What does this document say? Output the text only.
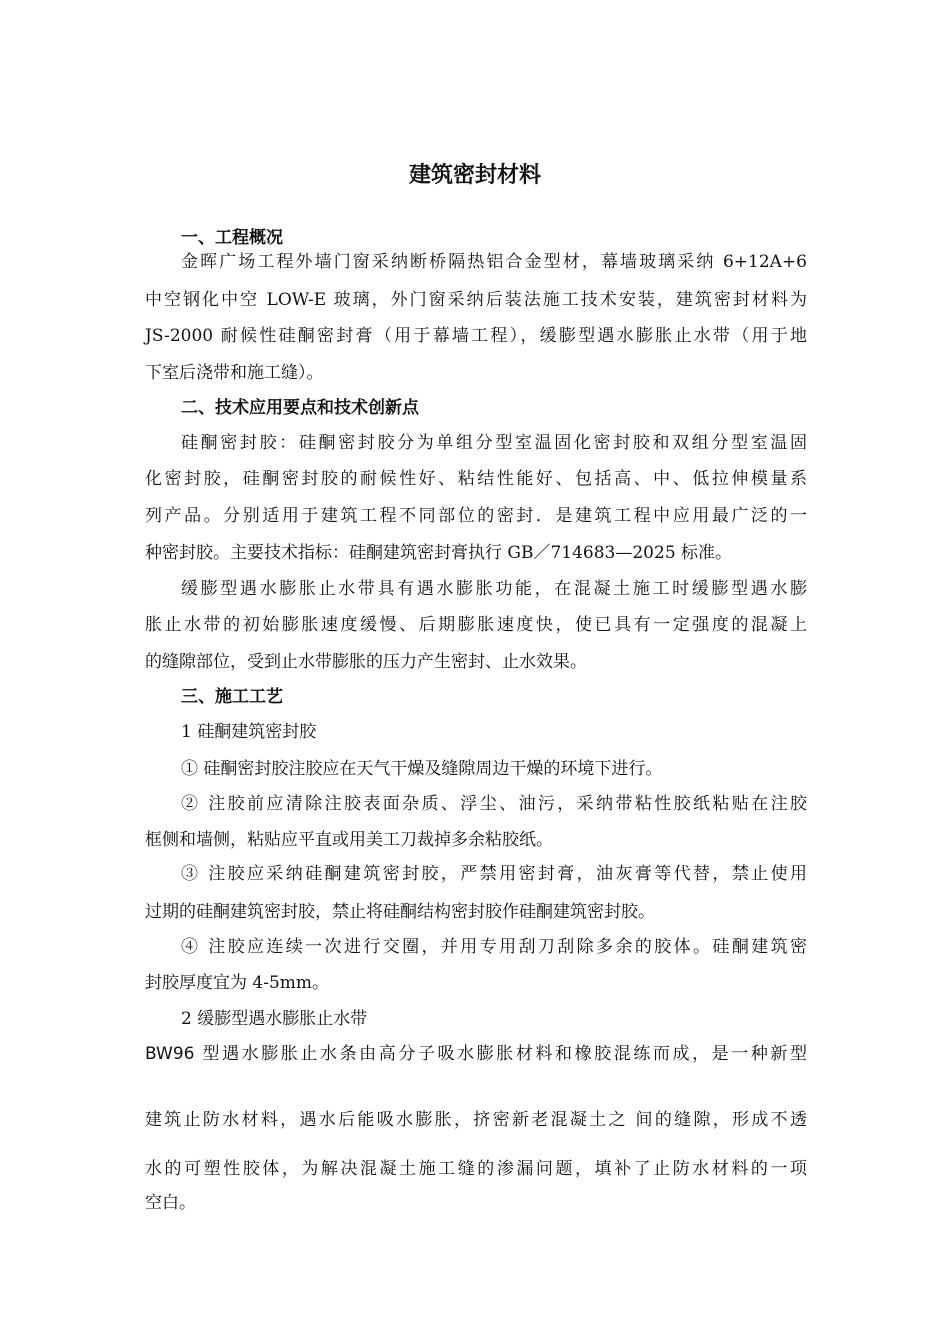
建筑密封材料
一、工程概况
金晖广场工程外墙门窗采纳断桥隔热铝合金型材，幕墙玻璃采纳 6+12A+6
中空钢化中空 LOW-E 玻璃，外门窗采纳后装法施工技术安装，建筑密封材料为
JS-2000 耐候性硅酮密封膏（用于幕墙工程），缓膨型遇水膨胀止水带（用于地
下室后浇带和施工缝）。
二、技术应用要点和技术创新点
硅酮密封胶：硅酮密封胶分为单组分型室温固化密封胶和双组分型室温固
化密封胶，硅酮密封胶的耐候性好、粘结性能好、包括高、中、低拉伸模量系
列产品。分别适用于建筑工程不同部位的密封．是建筑工程中应用最广泛的一
种密封胶。主要技术指标：硅酮建筑密封膏执行 GB／714683—2025 标准。
缓膨型遇水膨胀止水带具有遇水膨胀功能，在混凝土施工时缓膨型遇水膨
胀止水带的初始膨胀速度缓慢、后期膨胀速度快，使已具有一定强度的混凝上
的缝隙部位，受到止水带膨胀的压力产生密封、止水效果。
三、施工工艺
1 硅酮建筑密封胶
① 硅酮密封胶注胶应在天气干燥及缝隙周边干燥的环境下进行。
② 注胶前应清除注胶表面杂质、浮尘、油污，采纳带粘性胶纸粘贴在注胶
框侧和墙侧，粘贴应平直或用美工刀裁掉多余粘胶纸。
③ 注胶应采纳硅酮建筑密封胶，严禁用密封膏，油灰膏等代替，禁止使用
过期的硅酮建筑密封胶，禁止将硅酮结构密封胶作硅酮建筑密封胶。
④ 注胶应连续一次进行交圈，并用专用刮刀刮除多余的胶体。硅酮建筑密
封胶厚度宜为 4-5mm。
2 缓膨型遇水膨胀止水带
BW96 型遇水膨胀止水条由高分子吸水膨胀材料和橡胶混练而成，是一种新型
建筑止防水材料，遇水后能吸水膨胀，挤密新老混凝土之 间的缝隙，形成不透
水的可塑性胶体，为解决混凝土施工缝的渗漏问题，填补了止防水材料的一项
空白。
